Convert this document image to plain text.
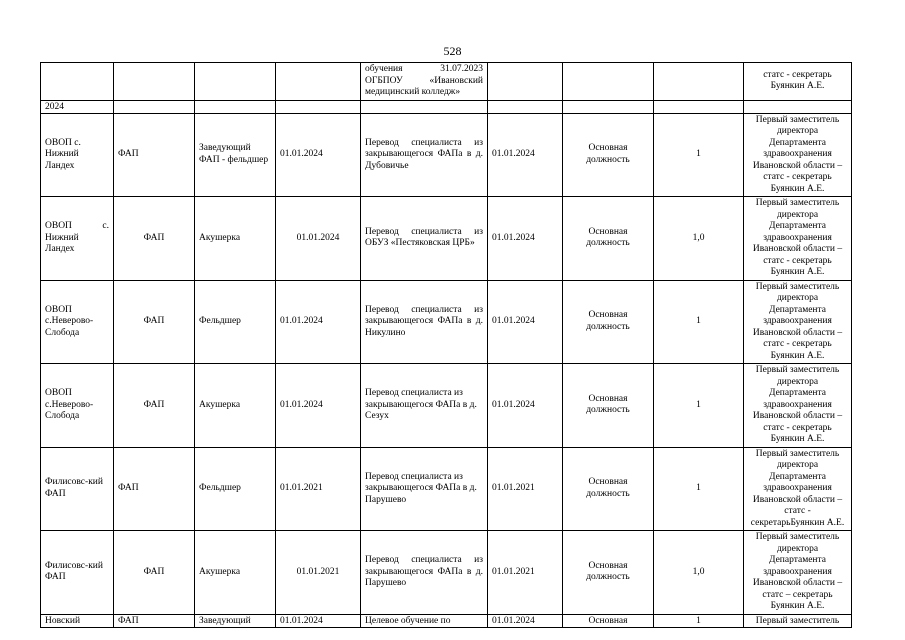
528
				обучения 31.07.2023 ОГБПОУ «Ивановский медицинский колледж»				статс - секретарь Буянкин А.Е.
2024								
ОВОП с. Нижний Ландех	ФАП	Заведующий ФАП - фельдшер	01.01.2024	Перевод специалиста из закрывающегося ФАПа в д. Дубовичье	01.01.2024	Основная должность	1	Первый заместитель директора Департамента здравоохранения Ивановской области – статс - секретарь Буянкин А.Е.
ОВОП с. Нижний Ландех	ФАП	Акушерка	01.01.2024	Перевод специалиста из ОБУЗ «Пестяковская ЦРБ»	01.01.2024	Основная должность	1,0	Первый заместитель директора Департамента здравоохранения Ивановской области – статс - секретарь Буянкин А.Е.
ОВОП с.Неверово-Слобода	ФАП	Фельдшер	01.01.2024	Перевод специалиста из закрывающегося ФАПа в д. Никулино	01.01.2024	Основная должность	1	Первый заместитель директора Департамента здравоохранения Ивановской области – статс - секретарь Буянкин А.Е.
ОВОП с.Неверово-Слобода	ФАП	Акушерка	01.01.2024	Перевод специалиста из закрывающегося ФАПа в д. Сезух	01.01.2024	Основная должность	1	Первый заместитель директора Департамента здравоохранения Ивановской области – статс - секретарь Буянкин А.Е.
Филисовс-кий ФАП	ФАП	Фельдшер	01.01.2021	Перевод специалиста из закрывающегося ФАПа в д. Парушево	01.01.2021	Основная должность	1	Первый заместитель директора Департамента здравоохранения Ивановской области – статс - секретарьБуянкин А.Е.
Филисовс-кий ФАП	ФАП	Акушерка	01.01.2021	Перевод специалиста из закрывающегося ФАПа в д. Парушево	01.01.2021	Основная должность	1,0	Первый заместитель директора Департамента здравоохранения Ивановской области – статс – секретарь Буянкин А.Е.
Новский	ФАП	Заведующий	01.01.2024	Целевое обучение по	01.01.2024	Основная	1	Первый заместитель
